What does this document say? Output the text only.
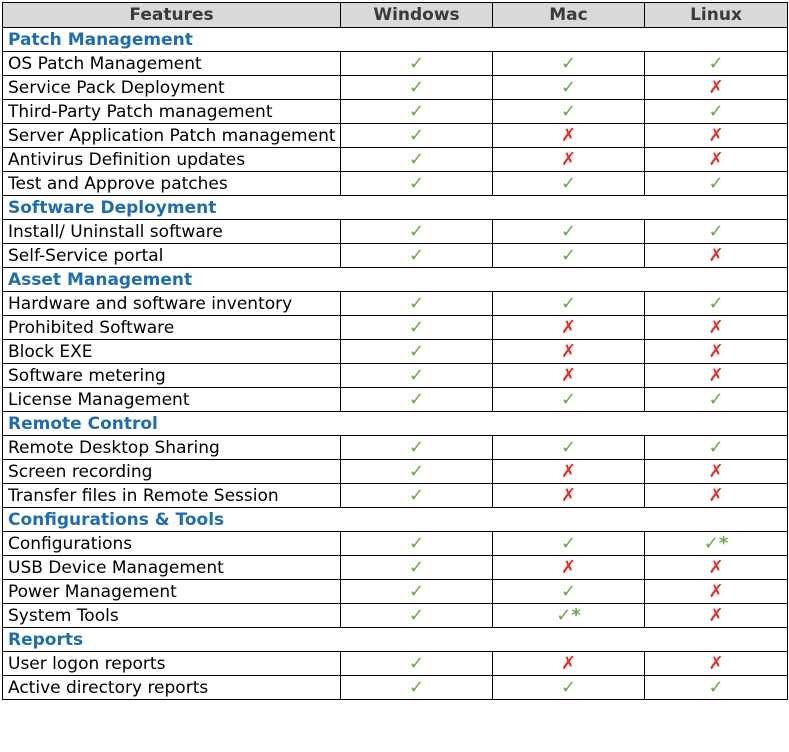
Features	Windows	Mac	Linux
Patch Management			
OS Patch Management	✓	✓	✓
Service Pack Deployment	✓	✓	✗
Third-Party Patch management	✓	✓	✓
Server Application Patch management	✓	✗	✗
Antivirus Definition updates	✓	✗	✗
Test and Approve patches	✓	✓	✓
Software Deployment			
Install/ Uninstall software	✓	✓	✓
Self-Service portal	✓	✓	✗
Asset Management			
Hardware and software inventory	✓	✓	✓
Prohibited Software	✓	✗	✗
Block EXE	✓	✗	✗
Software metering	✓	✗	✗
License Management	✓	✓	✓
Remote Control			
Remote Desktop Sharing	✓	✓	✓
Screen recording	✓	✗	✗
Transfer files in Remote Session	✓	✗	✗
Configurations & Tools			
Configurations	✓	✓	✓*
USB Device Management	✓	✗	✗
Power Management	✓	✓	✗
System Tools	✓	✓*	✗
Reports			
User logon reports	✓	✗	✗
Active directory reports	✓	✓	✓
